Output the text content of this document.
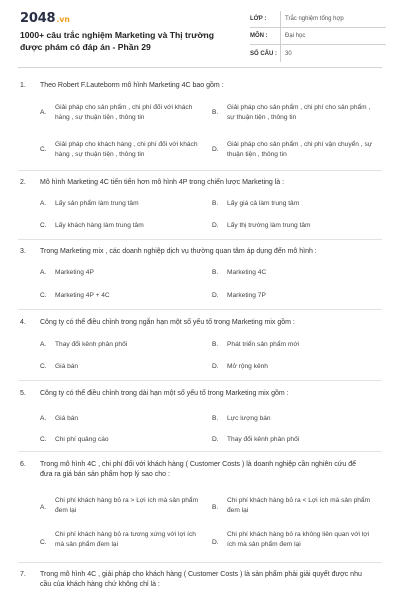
2048.vn
1000+ câu trắc nghiệm Marketing và Thị trường được phám có đáp án - Phần 29
LỚP :	Trắc nghiệm tổng hợp
MÔN :	Đại học
SỐ CÂU :	30
1. Theo Robert F.Lauteborm mô hình Marketing 4C bao gồm :
A.
Giải pháp cho sản phẩm , chi phí đối với khách hàng , sự thuận tiện , thông tin
B.
Giải pháp cho sản phẩm , chi phí cho sản phẩm , sự thuận tiện , thông tin
C.
Giải pháp cho khách hàng , chi phí đối với khách hàng , sự thuận tiện , thông tin
D.
Giải pháp cho sản phẩm , chi phí vận chuyển , sự thuận tiện , thông tin
2. Mô hình Marketing 4C tiến tiến hơn mô hình 4P trong chiến lược Marketing là :
A. Lấy sản phẩm làm trung tâm	B. Lấy giá cả làm trung tâm
C. Lấy khách hàng làm trung tâm	D. Lấy thị trường làm trung tâm
3. Trong Marketing mix , các doanh nghiệp dịch vụ thường quan tâm áp dụng đến mô hình :
A. Marketing 4P	B. Marketing 4C
C. Marketing 4P + 4C	D. Marketing 7P
4. Công ty có thể điều chỉnh trong ngắn hạn một số yếu tố trong Marketing mix gồm :
A. Thay đổi kênh phân phối	B. Phát triển sản phẩm mới
C. Giá bán	D. Mở rộng kênh
5. Công ty có thể điều chỉnh trong dài hạn một số yếu tố trong Marketing mix gồm :
A. Giá bán	B. Lực lượng bán
C. Chi phí quảng cáo	D. Thay đổi kênh phân phối
6. Trong mô hình 4C , chi phí đối với khách hàng ( Customer Costs ) là doanh nghiệp cần nghiên cứu để đưa ra giá bán sản phẩm hợp lý sao cho :
A.
Chi phí khách hàng bỏ ra > Lợi ích mà sản phẩm đem lại	B.
Chi phí khách hàng bỏ ra < Lợi ích mà sản phẩm đem lại
C.
Chi phí khách hàng bỏ ra tương xứng với lợi ích mà sản phẩm đem lại	D.
Chi phí khách hàng bỏ ra không liên quan với lợi ích mà sản phẩm đem lại
7. Trong mô hình 4C , giải pháp cho khách hàng ( Customer Costs ) là sản phẩm phải giải quyết được nhu cầu của khách hàng chứ không chỉ là :
